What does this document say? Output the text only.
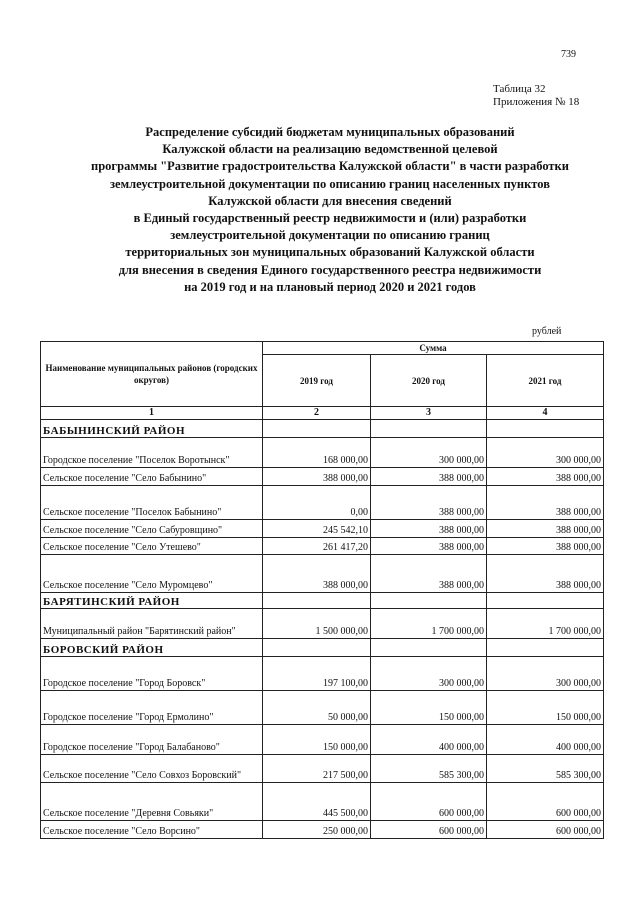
739
Таблица 32
Приложения № 18
Распределение субсидий бюджетам муниципальных образований
Калужской области на реализацию ведомственной целевой
программы "Развитие градостроительства Калужской области" в части разработки
землеустроительной документации по описанию границ населенных пунктов
Калужской области для внесения сведений
в Единый государственный реестр недвижимости и (или) разработки
землеустроительной документации по описанию границ
территориальных зон муниципальных образований Калужской области
для внесения в сведения Единого государственного реестра недвижимости
на 2019 год и на плановый период 2020 и 2021 годов
рублей
Наименование муниципальных районов (городских округов)	Сумма		
	2019 год	2020 год	2021 год
1	2	3	4
БАБЫНИНСКИЙ РАЙОН			
Городское поселение "Поселок Воротынск"	168 000,00	300 000,00	300 000,00
Сельское поселение "Село Бабынино"	388 000,00	388 000,00	388 000,00
Сельское поселение "Поселок Бабынино"	0,00	388 000,00	388 000,00
Сельское поселение "Село Сабуровщино"	245 542,10	388 000,00	388 000,00
Сельское поселение "Село Утешево"	261 417,20	388 000,00	388 000,00
Сельское поселение "Село Муромцево"	388 000,00	388 000,00	388 000,00
БАРЯТИНСКИЙ РАЙОН			
Муниципальный район "Барятинский район"	1 500 000,00	1 700 000,00	1 700 000,00
БОРОВСКИЙ РАЙОН			
Городское поселение "Город Боровск"	197 100,00	300 000,00	300 000,00
Городское поселение "Город Ермолино"	50 000,00	150 000,00	150 000,00
Городское поселение "Город Балабаново"	150 000,00	400 000,00	400 000,00
Сельское поселение "Село Совхоз Боровский"	217 500,00	585 300,00	585 300,00
Сельское поселение "Деревня Совьяки"	445 500,00	600 000,00	600 000,00
Сельское поселение "Село Ворсино"	250 000,00	600 000,00	600 000,00
